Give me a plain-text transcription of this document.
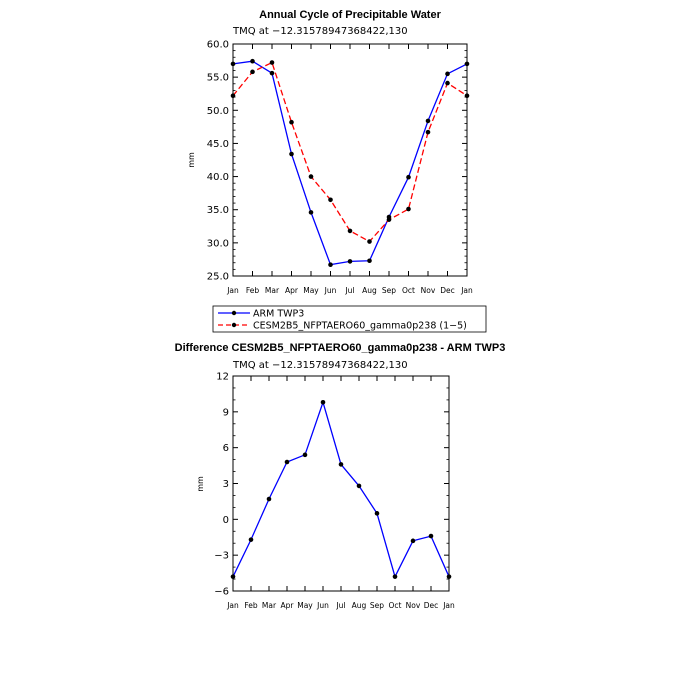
Annual Cycle of Precipitable Water
TMQ at −12.31578947368422,130
mm
25.0
30.0
35.0
40.0
45.0
50.0
55.0
60.0
Jan Feb Mar Apr May Jun Jul Aug Sep Oct Nov Dec Jan
ARM TWP3
CESM2B5_NFPTAERO60_gamma0p238 (1−5)
Difference CESM2B5_NFPTAERO60_gamma0p238 - ARM TWP3
TMQ at −12.31578947368422,130
mm
−6
−3
0
3
6
9
12
Jan Feb Mar Apr May Jun Jul Aug Sep Oct Nov Dec Jan
